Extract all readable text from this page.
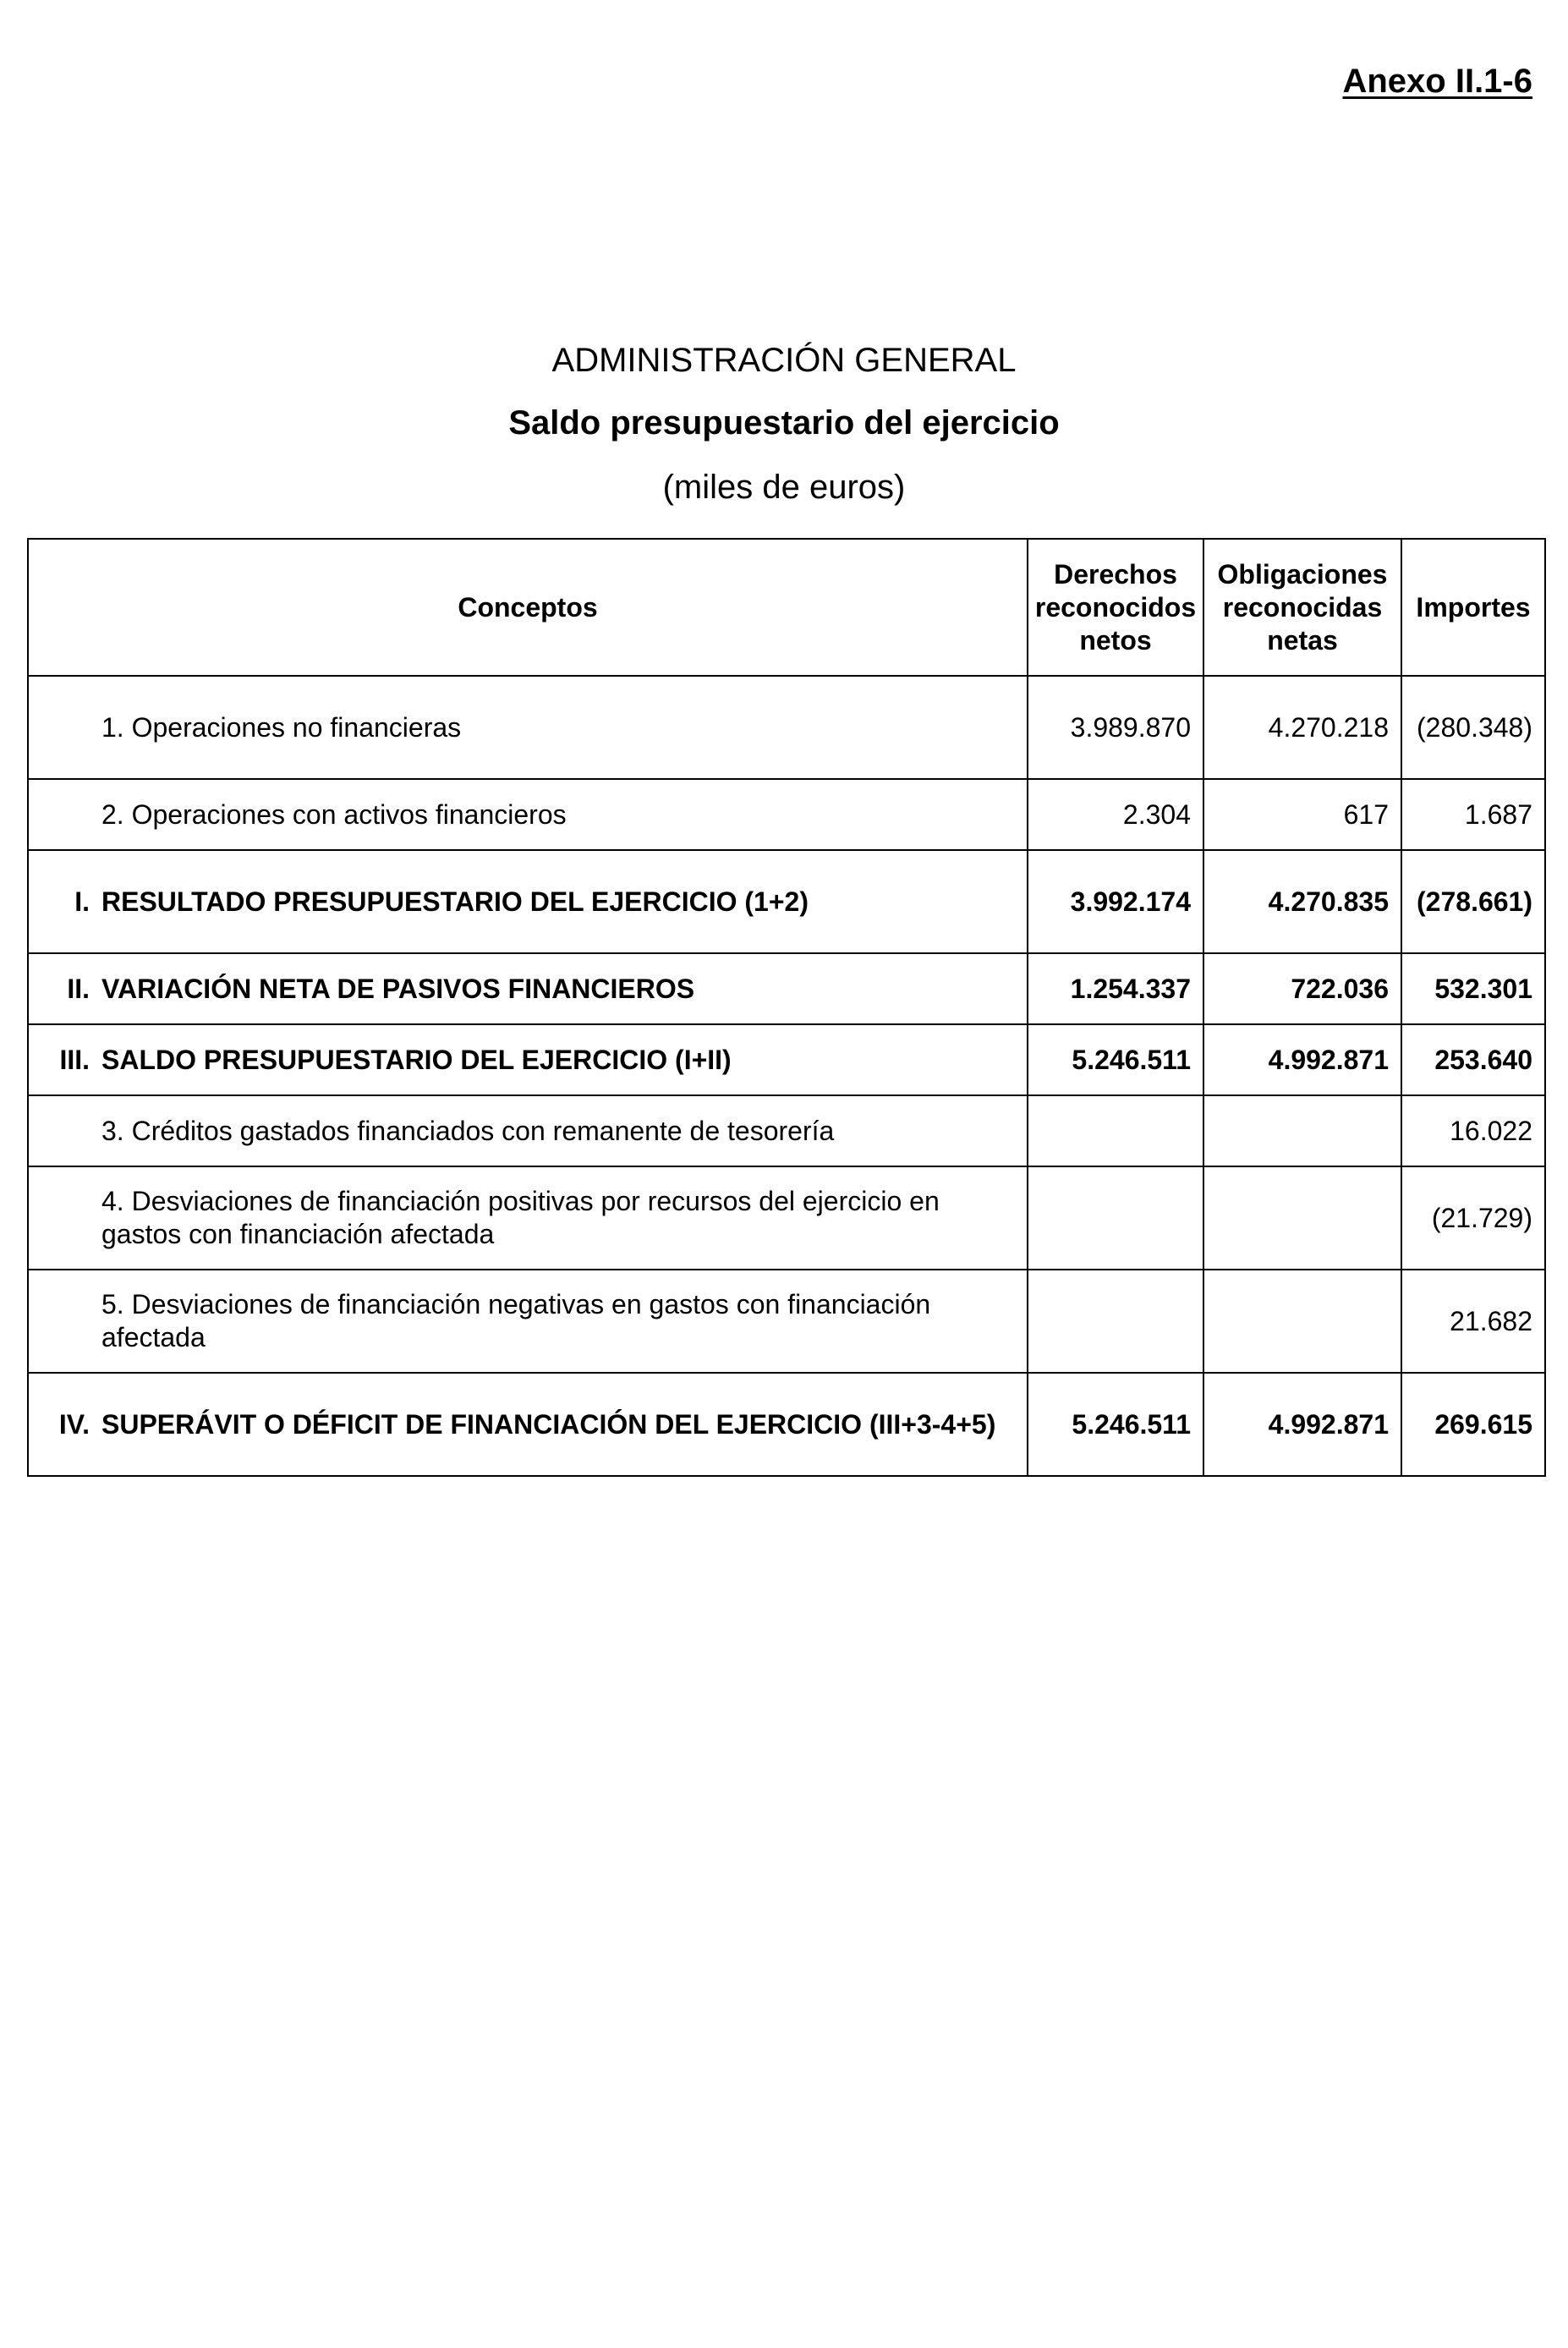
Anexo II.1-6
ADMINISTRACIÓN GENERAL
Saldo presupuestario del ejercicio
(miles de euros)
Conceptos	Derechos reconocidos netos	Obligaciones reconocidas netas	Importes

1. Operaciones no financieras	3.989.870	4.270.218	(280.348)

2. Operaciones con activos financieros	2.304	617	1.687

I. RESULTADO PRESUPUESTARIO DEL EJERCICIO (1+2)	3.992.174	4.270.835	(278.661)

II. VARIACIÓN NETA DE PASIVOS FINANCIEROS	1.254.337	722.036	532.301

III. SALDO PRESUPUESTARIO DEL EJERCICIO (I+II)	5.246.511	4.992.871	253.640

3. Créditos gastados financiados con remanente de tesorería			16.022

4. Desviaciones de financiación positivas por recursos del ejercicio en gastos con financiación afectada			(21.729)

5. Desviaciones de financiación negativas en gastos con financiación afectada			21.682

IV. SUPERÁVIT O DÉFICIT DE FINANCIACIÓN DEL EJERCICIO (III+3-4+5)	5.246.511	4.992.871	269.615
